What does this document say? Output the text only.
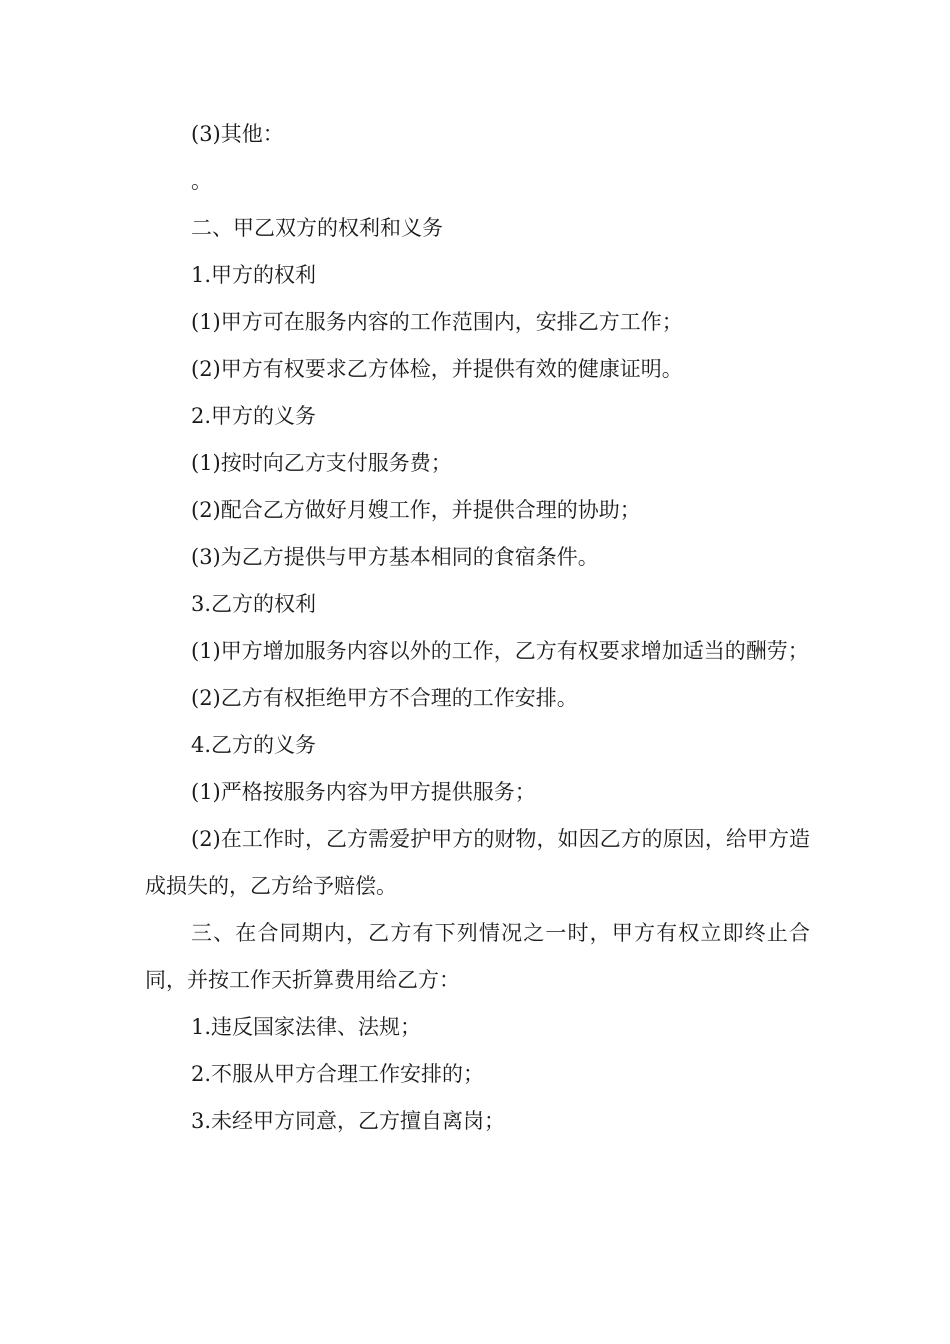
(3)其他：

。

二、甲乙双方的权利和义务

1.甲方的权利

(1)甲方可在服务内容的工作范围内，安排乙方工作；

(2)甲方有权要求乙方体检，并提供有效的健康证明。

2.甲方的义务

(1)按时向乙方支付服务费；

(2)配合乙方做好月嫂工作，并提供合理的协助；

(3)为乙方提供与甲方基本相同的食宿条件。

3.乙方的权利

(1)甲方增加服务内容以外的工作，乙方有权要求增加适当的酬劳；

(2)乙方有权拒绝甲方不合理的工作安排。

4.乙方的义务

(1)严格按服务内容为甲方提供服务；

(2)在工作时，乙方需爱护甲方的财物，如因乙方的原因，给甲方造成损失的，乙方给予赔偿。

三、在合同期内，乙方有下列情况之一时，甲方有权立即终止合同，并按工作天折算费用给乙方：

1.违反国家法律、法规；

2.不服从甲方合理工作安排的；

3.未经甲方同意，乙方擅自离岗；
